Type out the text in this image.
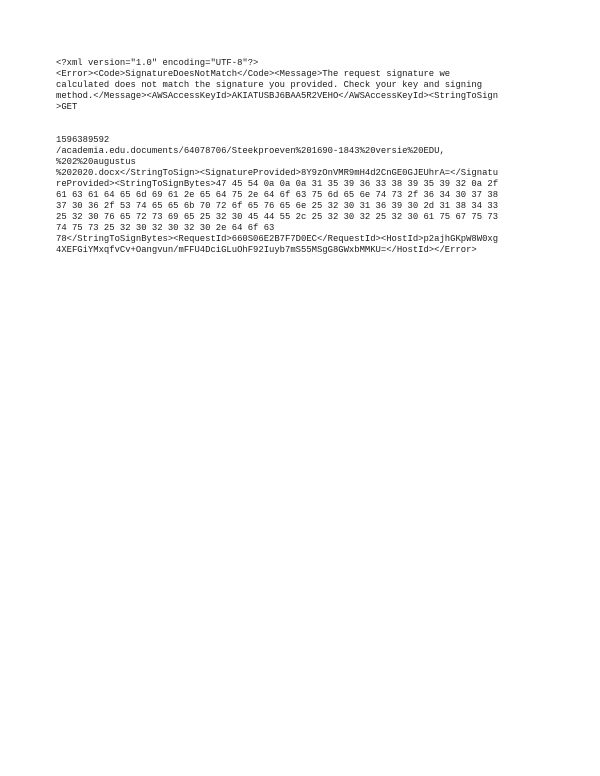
<?xml version="1.0" encoding="UTF-8"?>
<Error><Code>SignatureDoesNotMatch</Code><Message>The request signature we
calculated does not match the signature you provided. Check your key and signing
method.</Message><AWSAccessKeyId>AKIATUSBJ6BAA5R2VEHO</AWSAccessKeyId><StringToSign
>GET
1596389592
/academia.edu.documents/64078706/Steekproeven%201690-1843%20versie%20EDU,
%202%20augustus
%202020.docx</StringToSign><SignatureProvided>8Y9zOnVMR9mH4d2CnGE0GJEUhrA=</Signatu
reProvided><StringToSignBytes>47 45 54 0a 0a 0a 31 35 39 36 33 38 39 35 39 32 0a 2f
61 63 61 64 65 6d 69 61 2e 65 64 75 2e 64 6f 63 75 6d 65 6e 74 73 2f 36 34 30 37 38
37 30 36 2f 53 74 65 65 6b 70 72 6f 65 76 65 6e 25 32 30 31 36 39 30 2d 31 38 34 33
25 32 30 76 65 72 73 69 65 25 32 30 45 44 55 2c 25 32 30 32 25 32 30 61 75 67 75 73
74 75 73 25 32 30 32 30 32 30 2e 64 6f 63
78</StringToSignBytes><RequestId>660S06E2B7F7D0EC</RequestId><HostId>p2ajhGKpW8W0xg
4XEFGiYMxqfvCv+Oangvun/mFFU4DciGLuOhF92Iuyb7mS55MSgG8GWxbMMKU=</HostId></Error>
